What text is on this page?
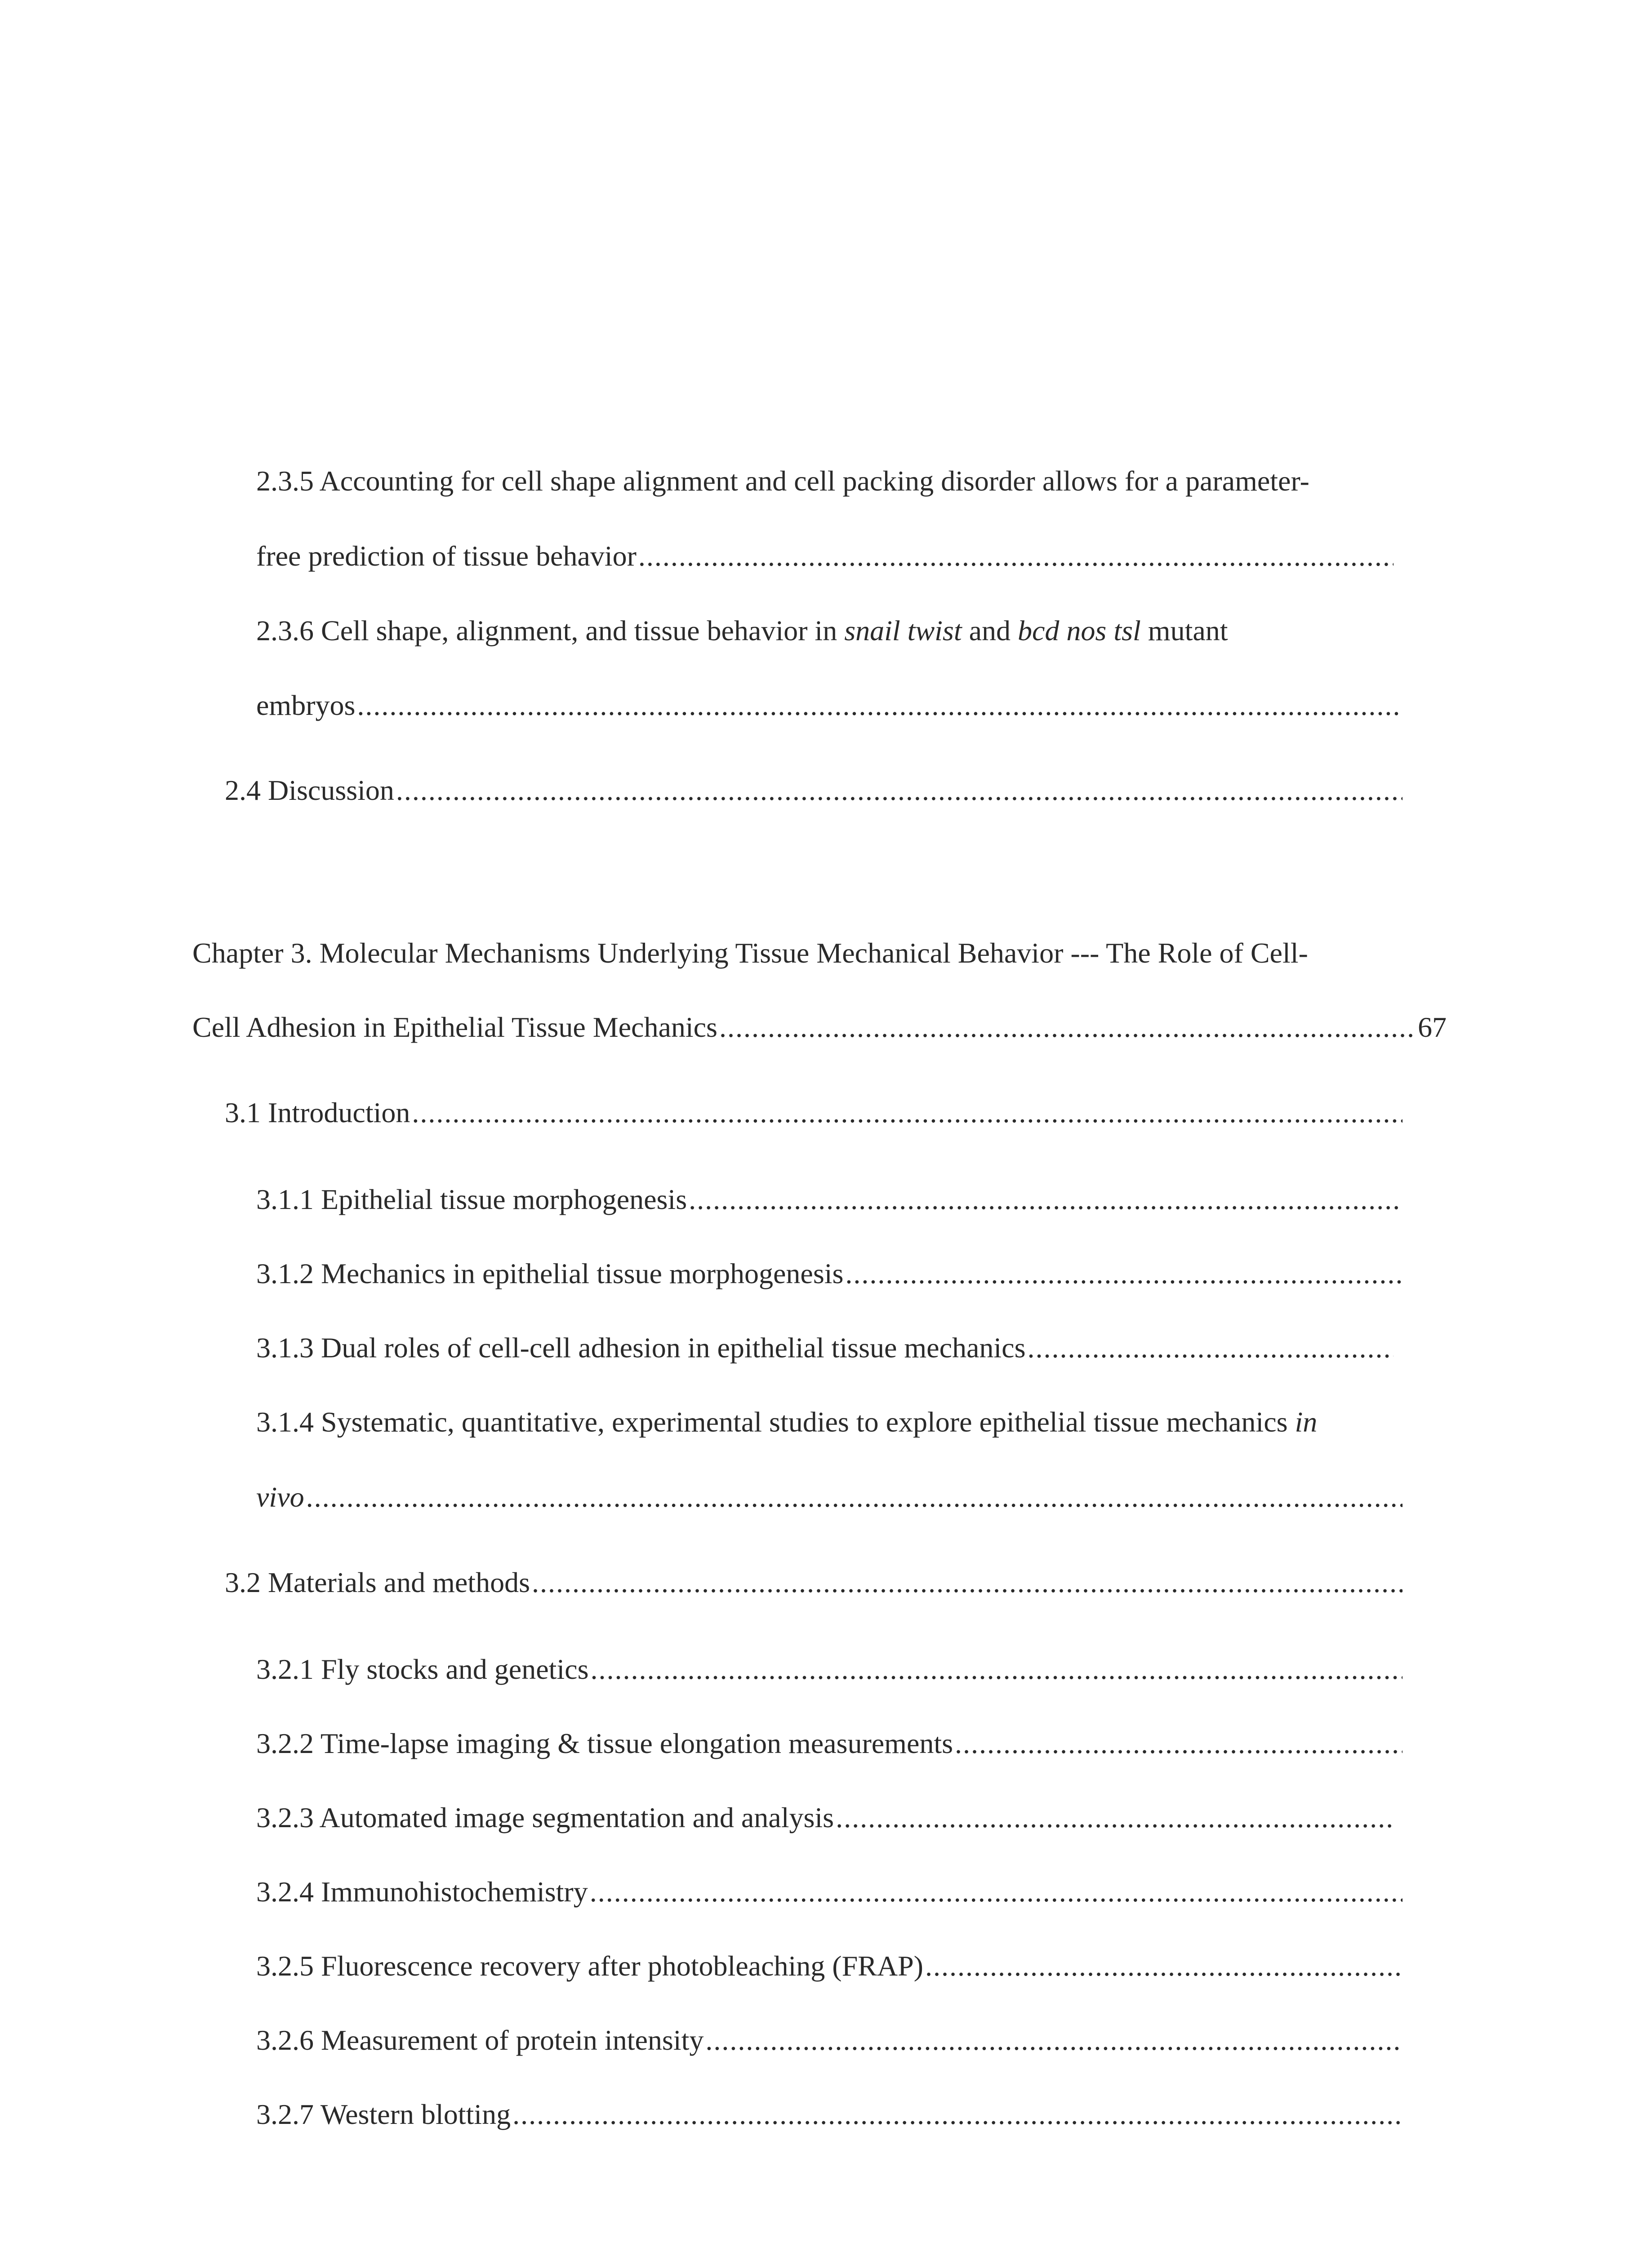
2.3.5 Accounting for cell shape alignment and cell packing disorder allows for a parameter-
free prediction of tissue behavior
.....
2.3.6 Cell shape, alignment, and tissue behavior in snail twist and bcd nos tsl mutant
embryos
.....
2.4 Discussion
.....
Chapter 3. Molecular Mechanisms Underlying Tissue Mechanical Behavior --- The Role of Cell-
Cell Adhesion in Epithelial Tissue Mechanics
.....	67
3.1 Introduction
.....
3.1.1 Epithelial tissue morphogenesis
.....
3.1.2 Mechanics in epithelial tissue morphogenesis
.....
3.1.3 Dual roles of cell-cell adhesion in epithelial tissue mechanics
.....
3.1.4 Systematic, quantitative, experimental studies to explore epithelial tissue mechanics in
vivo
.....
3.2 Materials and methods
.....
3.2.1 Fly stocks and genetics
.....
3.2.2 Time-lapse imaging & tissue elongation measurements
.....
3.2.3 Automated image segmentation and analysis
.....
3.2.4 Immunohistochemistry
.....
3.2.5 Fluorescence recovery after photobleaching (FRAP)
.....
3.2.6 Measurement of protein intensity
.....
3.2.7 Western blotting
.....
